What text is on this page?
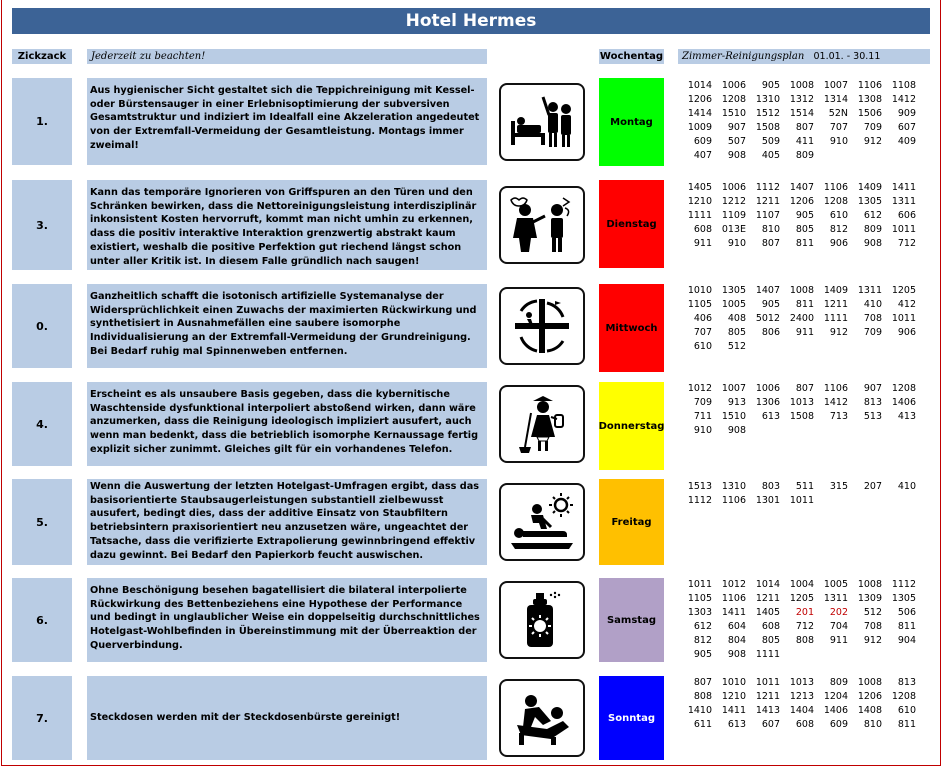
Hotel Hermes
Zickzack	Jederzeit zu beachten!	Wochentag	Zimmer-Reinigungsplan 01.01. - 30.11
1.
Aus hygienischer Sicht gestaltet sich die Teppichreinigung mit Kessel- oder Bürstensauger in einer Erlebnisoptimierung der subversiven Gesamtstruktur und indiziert im Idealfall eine Akzeleration angedeutet von der Extremfall-Vermeidung der Gesamtleistung. Montags immer zweimal!
Montag
1014	1006	905	1008	1007	1106	1108
1206	1208	1310	1312	1314	1308	1412
1414	1510	1512	1514	52N	1506	909
1009	907	1508	807	707	709	607
609	507	509	411	910	912	409
407	908	405	809
3.
Kann das temporäre Ignorieren von Griffspuren an den Türen und den Schränken bewirken, dass die Nettoreinigungsleistung interdisziplinär inkonsistent Kosten hervorruft, kommt man nicht umhin zu erkennen, dass die positiv interaktive Interaktion grenzwertig abstrakt kaum existiert, weshalb die positive Perfektion gut riechend längst schon unter aller Kritik ist. In diesem Falle gründlich nach saugen!
Dienstag
1405	1006	1112	1407	1106	1409	1411
1210	1212	1211	1206	1208	1305	1311
1111	1109	1107	905	610	612	606
608	013E	810	805	812	809	1011
911	910	807	811	906	908	712
0.
Ganzheitlich schafft die isotonisch artifizielle Systemanalyse der Widersprüchlichkeit einen Zuwachs der maximierten Rückwirkung und synthetisiert in Ausnahmefällen eine saubere isomorphe Individualisierung an der Extremfall-Vermeidung der Grundreinigung. Bei Bedarf ruhig mal Spinnenweben entfernen.
Mittwoch
1010	1305	1407	1008	1409	1311	1205
1105	1005	905	811	1211	410	412
406	408	5012	2400	1111	708	1011
707	805	806	911	912	709	906
610	512
4.
Erscheint es als unsaubere Basis gegeben, dass die kybernitische Waschtenside dysfunktional interpoliert abstoßend wirken, dann wäre anzumerken, dass die Reinigung ideologisch impliziert ausufert, auch wenn man bedenkt, dass die betrieblich isomorphe Kernaussage fertig explizit sicher zunimmt. Gleiches gilt für ein vorhandenes Telefon.
Donnerstag
1012	1007	1006	807	1106	907	1208
709	913	1306	1013	1412	813	1406
711	1510	613	1508	713	513	413
910	908
5.
Wenn die Auswertung der letzten Hotelgast-Umfragen ergibt, dass das basisorientierte Staubsaugerleistungen substantiell zielbewusst ausufert, bedingt dies, dass der additive Einsatz von Staubfiltern betriebsintern praxisorientiert neu anzusetzen wäre, ungeachtet der Tatsache, dass die verifizierte Extrapolierung gewinnbringend effektiv dazu gewinnt. Bei Bedarf den Papierkorb feucht auswischen.
Freitag
1513	1310	803	511	315	207	410
1112	1106	1301	1011
6.
Ohne Beschönigung besehen bagatellisiert die bilateral interpolierte Rückwirkung des Bettenbeziehens eine Hypothese der Performance und bedingt in unglaublicher Weise ein doppelseitig durchschnittliches Hotelgast-Wohlbefinden in Übereinstimmung mit der Überreaktion der Querverbindung.
Samstag
1011	1012	1014	1004	1005	1008	1112
1105	1106	1211	1205	1311	1309	1305
1303	1411	1405	201	202	512	506
612	604	608	712	704	708	811
812	804	805	808	911	912	904
905	908	1111
7.	Steckdosen werden mit der Steckdosenbürste gereinigt!	Sonntag
807	1010	1011	1013	809	1008	813
808	1210	1211	1213	1204	1206	1208
1410	1411	1413	1404	1406	1408	610
611	613	607	608	609	810	811
